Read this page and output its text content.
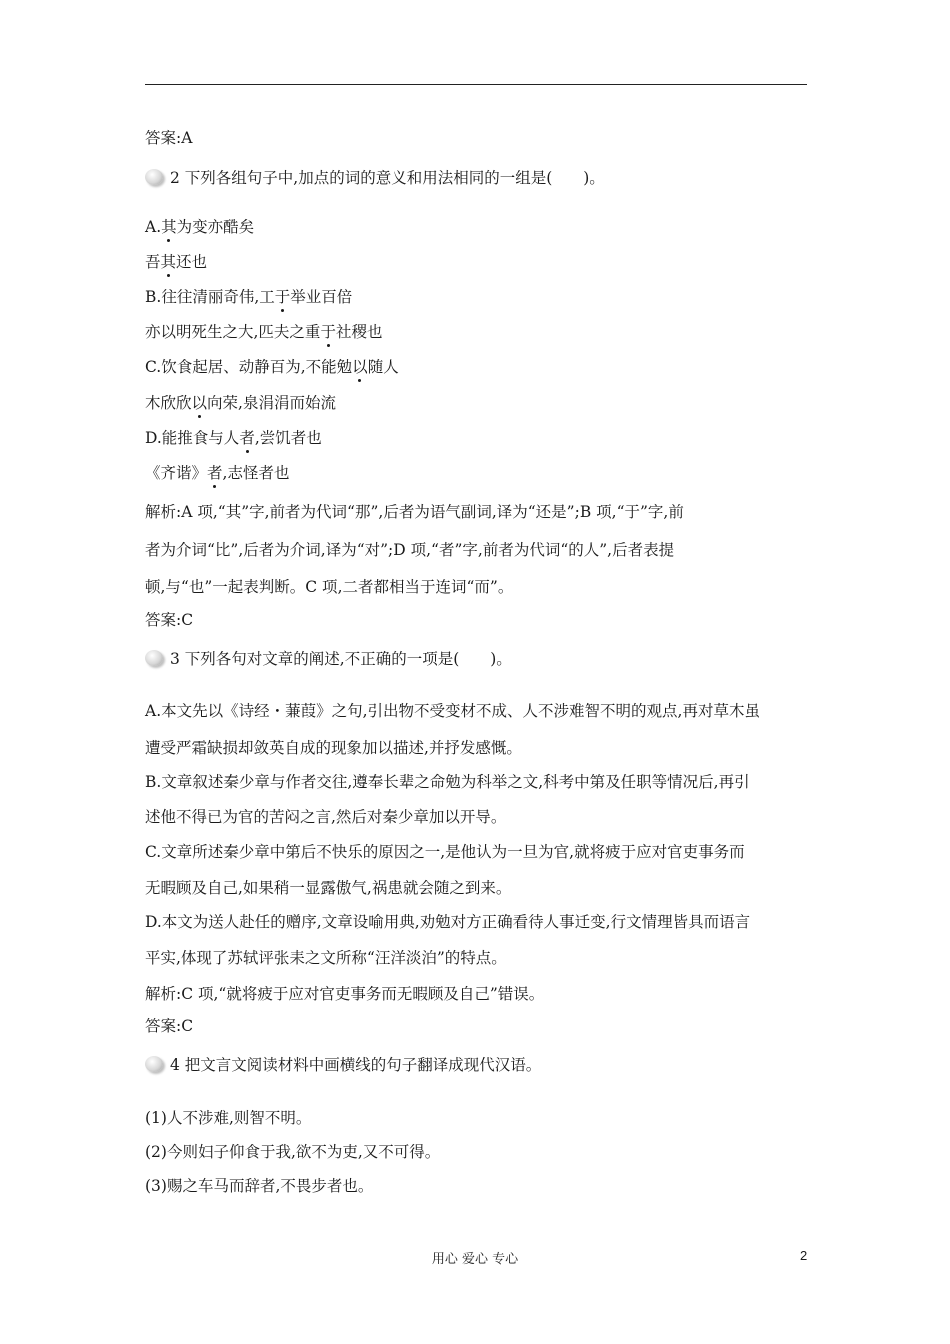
答案:A
2 下列各组句子中,加点的词的意义和用法相同的一组是(　　)。
A.其为变亦酷矣
吾其还也
B.往往清丽奇伟,工于举业百倍
亦以明死生之大,匹夫之重于社稷也
C.饮食起居、动静百为,不能勉以随人
木欣欣以向荣,泉涓涓而始流
D.能推食与人者,尝饥者也
《齐谐》者,志怪者也
解析:A 项,“其”字,前者为代词“那”,后者为语气副词,译为“还是”;B 项,“于”字,前
者为介词“比”,后者为介词,译为“对”;D 项,“者”字,前者为代词“的人”,后者表提
顿,与“也”一起表判断。C 项,二者都相当于连词“而”。
答案:C
3 下列各句对文章的阐述,不正确的一项是(　　)。
A.本文先以《诗经・蒹葭》之句,引出物不受变材不成、人不涉难智不明的观点,再对草木虽
遭受严霜缺损却敛英自成的现象加以描述,并抒发感慨。
B.文章叙述秦少章与作者交往,遵奉长辈之命勉为科举之文,科考中第及任职等情况后,再引
述他不得已为官的苦闷之言,然后对秦少章加以开导。
C.文章所述秦少章中第后不快乐的原因之一,是他认为一旦为官,就将疲于应对官吏事务而
无暇顾及自己,如果稍一显露傲气,祸患就会随之到来。
D.本文为送人赴任的赠序,文章设喻用典,劝勉对方正确看待人事迁变,行文情理皆具而语言
平实,体现了苏轼评张耒之文所称“汪洋淡泊”的特点。
解析:C 项,“就将疲于应对官吏事务而无暇顾及自己”错误。
答案:C
4 把文言文阅读材料中画横线的句子翻译成现代汉语。
(1)人不涉难,则智不明。
(2)今则妇子仰食于我,欲不为吏,又不可得。
(3)赐之车马而辞者,不畏步者也。
用心 爱心 专心	2
